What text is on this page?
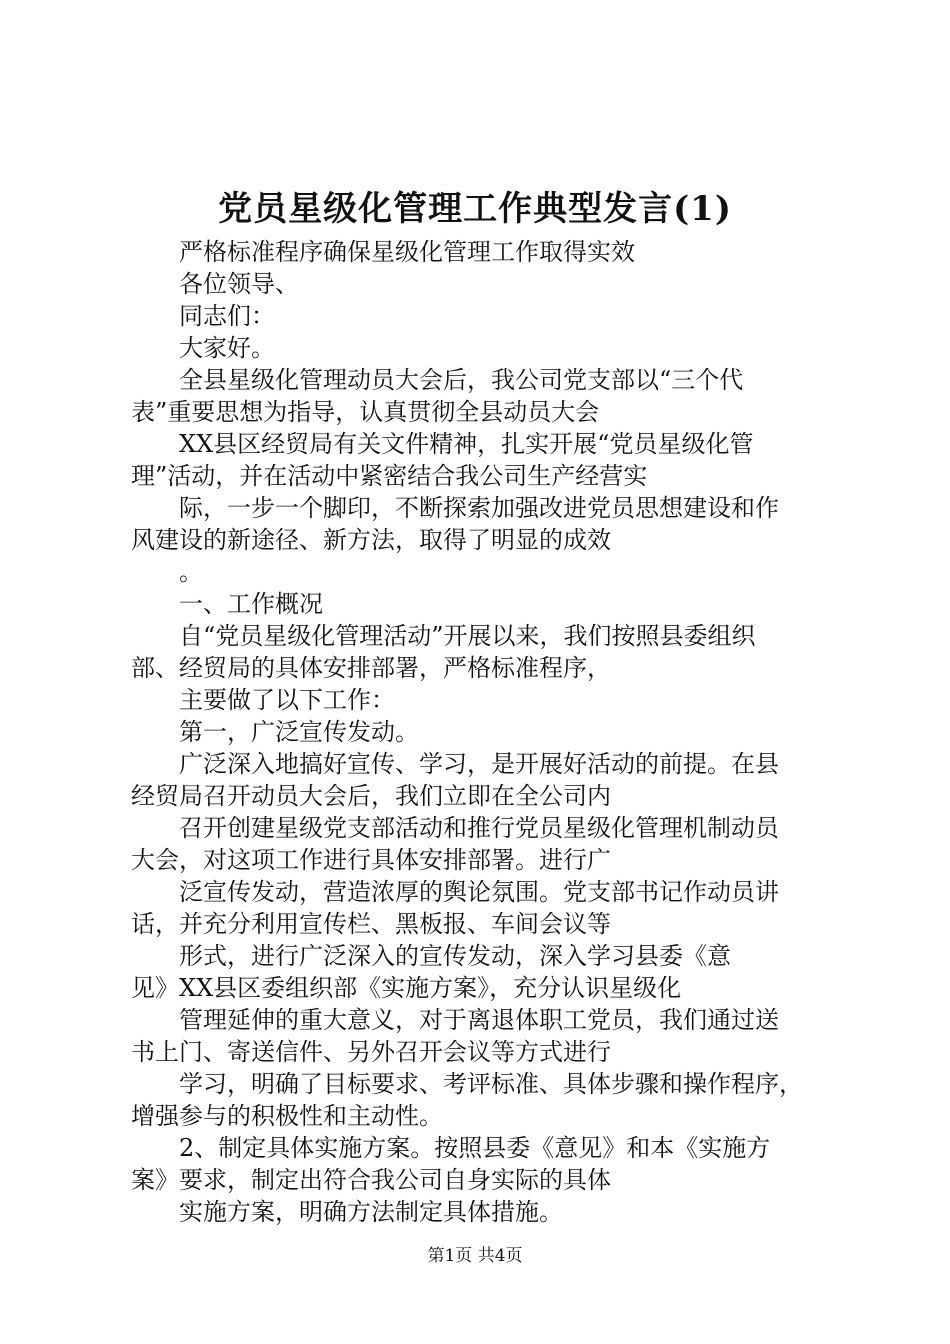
党员星级化管理工作典型发言(1)

严格标准程序确保星级化管理工作取得实效

各位领导、

同志们：

大家好。

全县星级化管理动员大会后，我公司党支部以“三个代

表”重要思想为指导，认真贯彻全县动员大会

XX县区经贸局有关文件精神，扎实开展“党员星级化管

理”活动，并在活动中紧密结合我公司生产经营实

际，一步一个脚印，不断探索加强改进党员思想建设和作

风建设的新途径、新方法，取得了明显的成效

。

一、工作概况

自“党员星级化管理活动”开展以来，我们按照县委组织

部、经贸局的具体安排部署，严格标准程序，

主要做了以下工作：

第一，广泛宣传发动。

广泛深入地搞好宣传、学习，是开展好活动的前提。在县

经贸局召开动员大会后，我们立即在全公司内

召开创建星级党支部活动和推行党员星级化管理机制动员

大会，对这项工作进行具体安排部署。进行广

泛宣传发动，营造浓厚的舆论氛围。党支部书记作动员讲

话，并充分利用宣传栏、黑板报、车间会议等

形式，进行广泛深入的宣传发动，深入学习县委《意

见》XX县区委组织部《实施方案》，充分认识星级化

管理延伸的重大意义，对于离退体职工党员，我们通过送

书上门、寄送信件、另外召开会议等方式进行

学习，明确了目标要求、考评标准、具体步骤和操作程序，

增强参与的积极性和主动性。

2、制定具体实施方案。按照县委《意见》和本《实施方

案》要求，制定出符合我公司自身实际的具体

实施方案，明确方法制定具体措施。

第1页 共4页
